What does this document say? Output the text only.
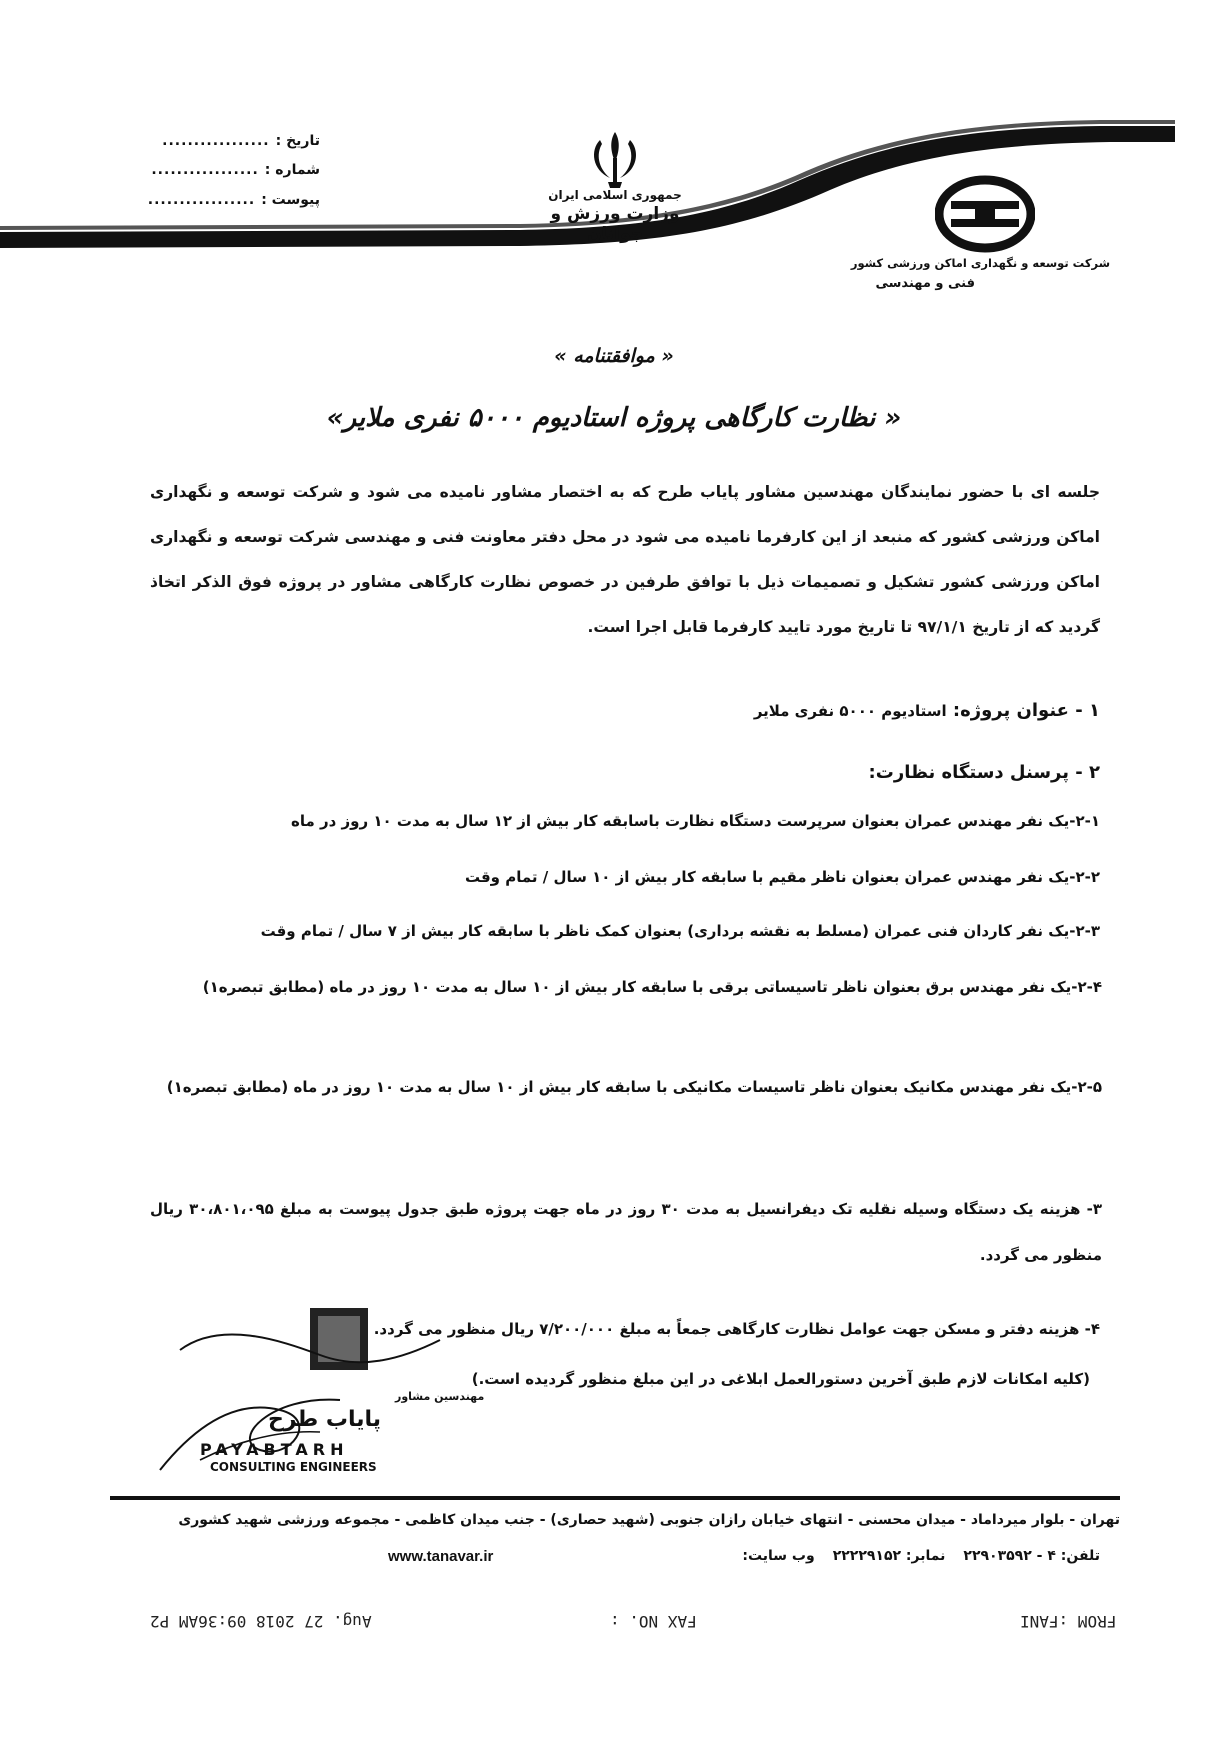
جمهوری اسلامی ایران
وزارت ورزش و جوانان
تاریخ :
.................
شماره :
.................
پیوست :
.................
شرکت توسعه و نگهداری اماکن ورزشی کشور
فنی و مهندسی
« موافقتنامه »
« نظارت کارگاهی پروژه استادیوم ۵۰۰۰ نفری ملایر»
جلسه ای با حضور نمایندگان مهندسین مشاور پایاب طرح که به اختصار مشاور نامیده می شود و شرکت توسعه و نگهداری اماکن ورزشی کشور که منبعد از این کارفرما نامیده می شود در محل دفتر معاونت فنی و مهندسی شرکت توسعه و نگهداری اماکن ورزشی کشور تشکیل و تصمیمات ذیل با توافق طرفین در خصوص نظارت کارگاهی مشاور در پروژه فوق الذکر اتخاذ گردید که از تاریخ ۹۷/۱/۱ تا تاریخ مورد تایید کارفرما قابل اجرا است.
۱ - عنوان پروژه: استادیوم ۵۰۰۰ نفری ملایر
۲ - پرسنل دستگاه نظارت:
۲-۱-یک نفر مهندس عمران بعنوان سرپرست دستگاه نظارت باسابقه کار بیش از ۱۲ سال به مدت ۱۰ روز در ماه
۲-۲-یک نفر مهندس عمران بعنوان ناظر مقیم با سابقه کار بیش از ۱۰ سال / تمام وقت
۲-۳-یک نفر کاردان فنی عمران (مسلط به نقشه برداری) بعنوان کمک ناظر با سابقه کار بیش از ۷ سال / تمام وقت
۲-۴-یک نفر مهندس برق بعنوان ناظر تاسیساتی برقی با سابقه کار بیش از ۱۰ سال به مدت ۱۰ روز در ماه (مطابق تبصره۱)
۲-۵-یک نفر مهندس مکانیک بعنوان ناظر تاسیسات مکانیکی با سابقه کار بیش از ۱۰ سال به مدت ۱۰ روز در ماه (مطابق تبصره۱)
۳- هزینه یک دستگاه وسیله نقلیه تک دیفرانسیل به مدت ۳۰ روز در ماه جهت پروژه طبق جدول پیوست به مبلغ ۳۰،۸۰۱،۰۹۵ ریال منظور می گردد.
۴- هزینه دفتر و مسکن جهت عوامل نظارت کارگاهی جمعاً به مبلغ ۷/۲۰۰/۰۰۰ ریال منظور می گردد.
(کلیه امکانات لازم طبق آخرین دستورالعمل ابلاغی در این مبلغ منظور گردیده است.)
مهندسین مشاور
پایاب طرح
PAYABTARH
CONSULTING ENGINEERS
تهران - بلوار میرداماد - میدان محسنی - انتهای خیابان رازان جنوبی (شهید حصاری) - جنب میدان کاظمی - مجموعه ورزشی شهید کشوری
تلفن: ۴ - ۲۲۹۰۳۵۹۲
نمابر: ۲۲۲۲۹۱۵۲
وب سایت:
www.tanavar.ir
FROM :FANI
FAX NO. :
Aug. 27 2018 09:36AM P2
